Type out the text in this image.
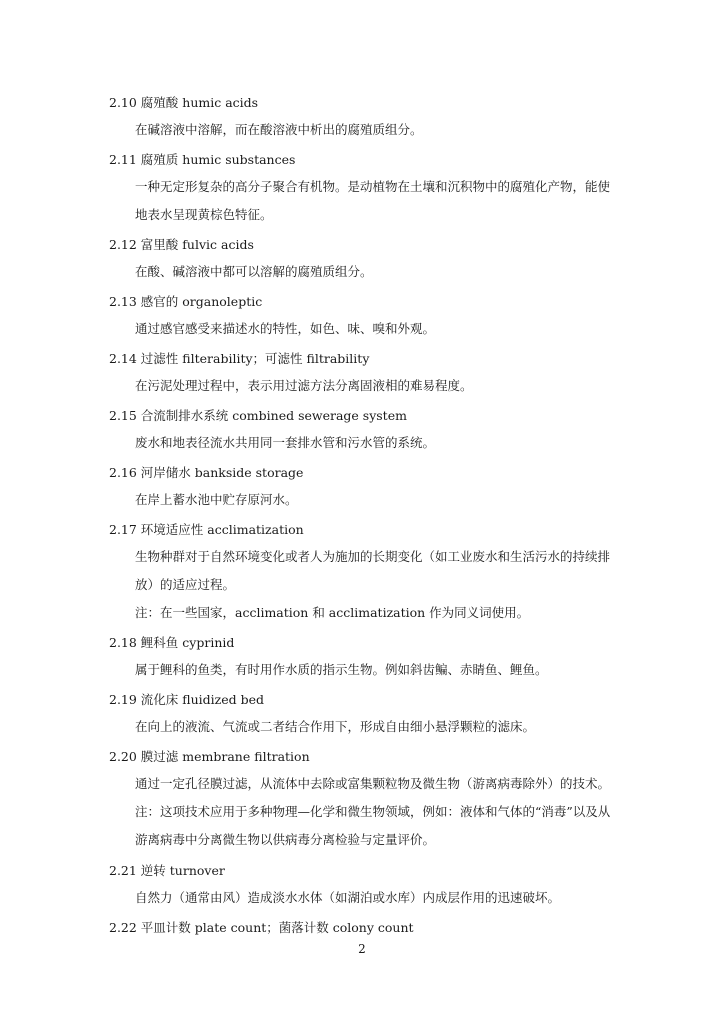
2.10 腐殖酸 humic acids
在碱溶液中溶解，而在酸溶液中析出的腐殖质组分。
2.11 腐殖质 humic substances
一种无定形复杂的高分子聚合有机物。是动植物在土壤和沉积物中的腐殖化产物，能使
地表水呈现黄棕色特征。
2.12 富里酸 fulvic acids
在酸、碱溶液中都可以溶解的腐殖质组分。
2.13 感官的 organoleptic
通过感官感受来描述水的特性，如色、味、嗅和外观。
2.14 过滤性 filterability；可滤性 filtrability
在污泥处理过程中，表示用过滤方法分离固液相的难易程度。
2.15 合流制排水系统 combined sewerage system
废水和地表径流水共用同一套排水管和污水管的系统。
2.16 河岸储水 bankside storage
在岸上蓄水池中贮存原河水。
2.17 环境适应性 acclimatization
生物种群对于自然环境变化或者人为施加的长期变化（如工业废水和生活污水的持续排
放）的适应过程。
注：在一些国家，acclimation 和 acclimatization 作为同义词使用。
2.18 鲤科鱼 cyprinid
属于鲤科的鱼类，有时用作水质的指示生物。例如斜齿鳊、赤睛鱼、鲤鱼。
2.19 流化床 fluidized bed
在向上的液流、气流或二者结合作用下，形成自由细小悬浮颗粒的滤床。
2.20 膜过滤 membrane filtration
通过一定孔径膜过滤，从流体中去除或富集颗粒物及微生物（游离病毒除外）的技术。
注：这项技术应用于多种物理—化学和微生物领域，例如：液体和气体的“消毒”以及从
游离病毒中分离微生物以供病毒分离检验与定量评价。
2.21 逆转 turnover
自然力（通常由风）造成淡水水体（如湖泊或水库）内成层作用的迅速破坏。
2.22 平皿计数 plate count；菌落计数 colony count
2
